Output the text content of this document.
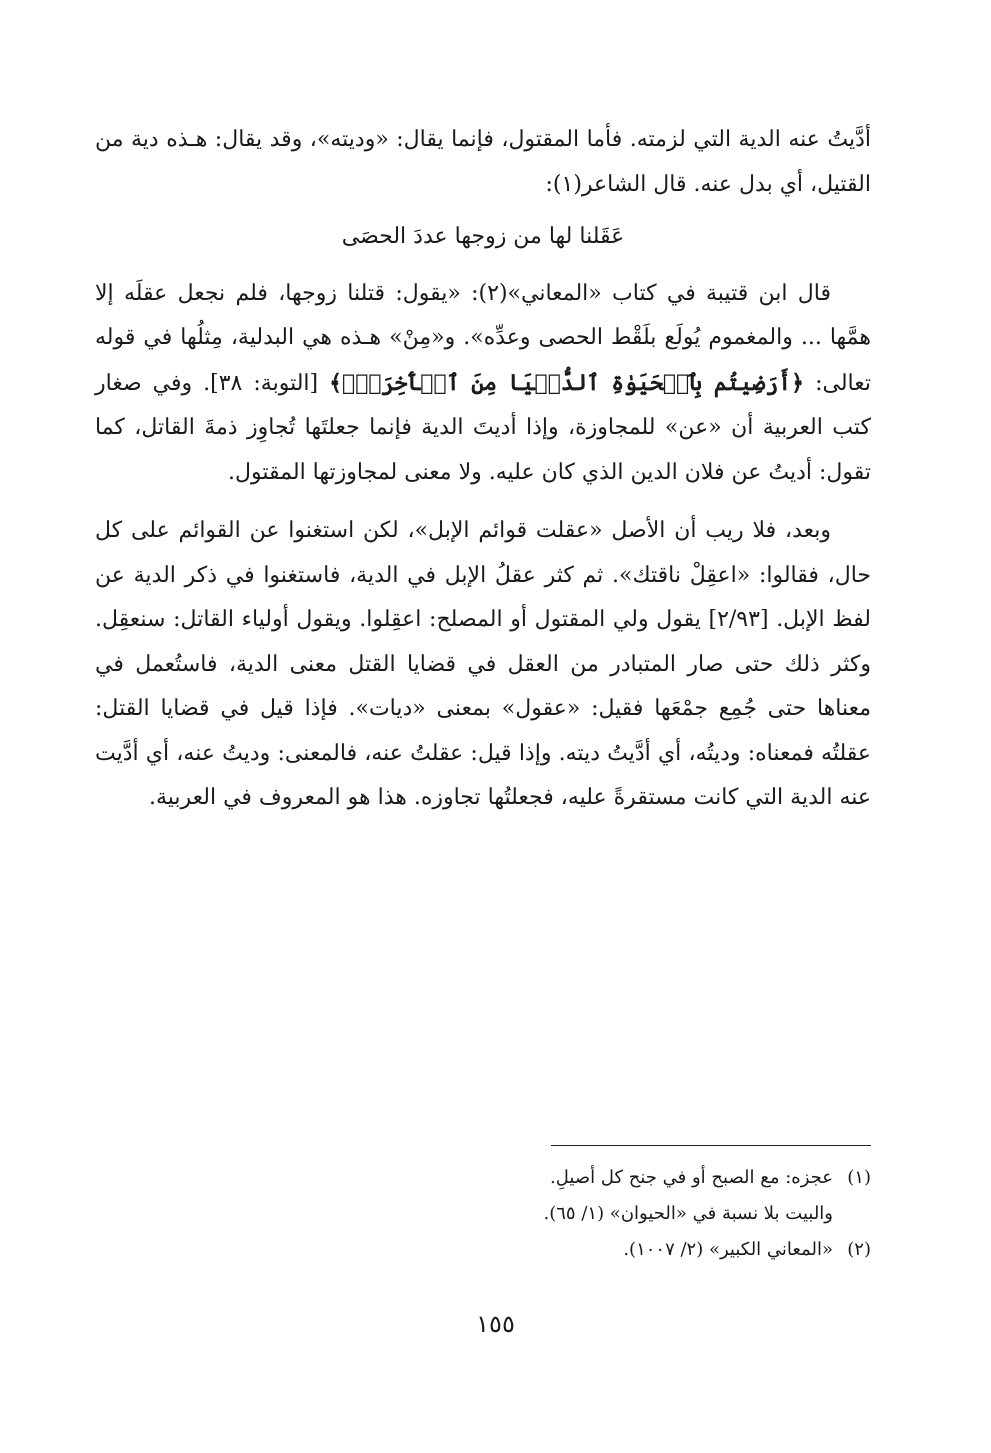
أدَّيتُ عنه الدية التي لزمته. فأما المقتول، فإنما يقال: «وديته»، وقد يقال: هـذه دية من القتيل، أي بدل عنه. قال الشاعر(١):

عَقَلنا لها من زوجها عددَ الحصَى

قال ابن قتيبة في كتاب «المعاني»(٢): «يقول: قتلنا زوجها، فلم نجعل عقلَه إلا همَّها ... والمغموم يُولَع بلَقْط الحصى وعدِّه». و«مِنْ» هـذه هي البدلية، مِثلُها في قوله تعالى: ﴿أَرَضِيتُم بِٱلۡحَيَوٰةِ ٱلدُّنۡيَا مِنَ ٱلۡأٓخِرَةِۚ﴾ [التوبة: ٣٨]. وفي صغار كتب العربية أن «عن» للمجاوزة، وإذا أديتَ الدية فإنما جعلتَها تُجاوِز ذمةَ القاتل، كما تقول: أديتُ عن فلان الدين الذي كان عليه. ولا معنى لمجاوزتها المقتول.

وبعد، فلا ريب أن الأصل «عقلت قوائم الإبل»، لكن استغنوا عن القوائم على كل حال، فقالوا: «اعقِلْ ناقتك». ثم كثر عقلُ الإبل في الدية، فاستغنوا في ذكر الدية عن لفظ الإبل. [٢/٩٣] يقول ولي المقتول أو المصلح: اعقِلوا. ويقول أولياء القاتل: سنعقِل. وكثر ذلك حتى صار المتبادر من العقل في قضايا القتل معنى الدية، فاستُعمل في معناها حتى جُمِع جمْعَها فقيل: «عقول» بمعنى «ديات». فإذا قيل في قضايا القتل: عقلتُه فمعناه: وديتُه، أي أدَّيتُ ديته. وإذا قيل: عقلتُ عنه، فالمعنى: وديتُ عنه، أي أدَّيت عنه الدية التي كانت مستقرةً عليه، فجعلتُها تجاوزه. هذا هو المعروف في العربية.

(١)عجزه: مع الصبح أو في جنح كل أصيلِ.

والبيت بلا نسبة في «الحيوان» (١/ ٦٥).

(٢)«المعاني الكبير» (٢/ ١٠٠٧).

١٥٥
